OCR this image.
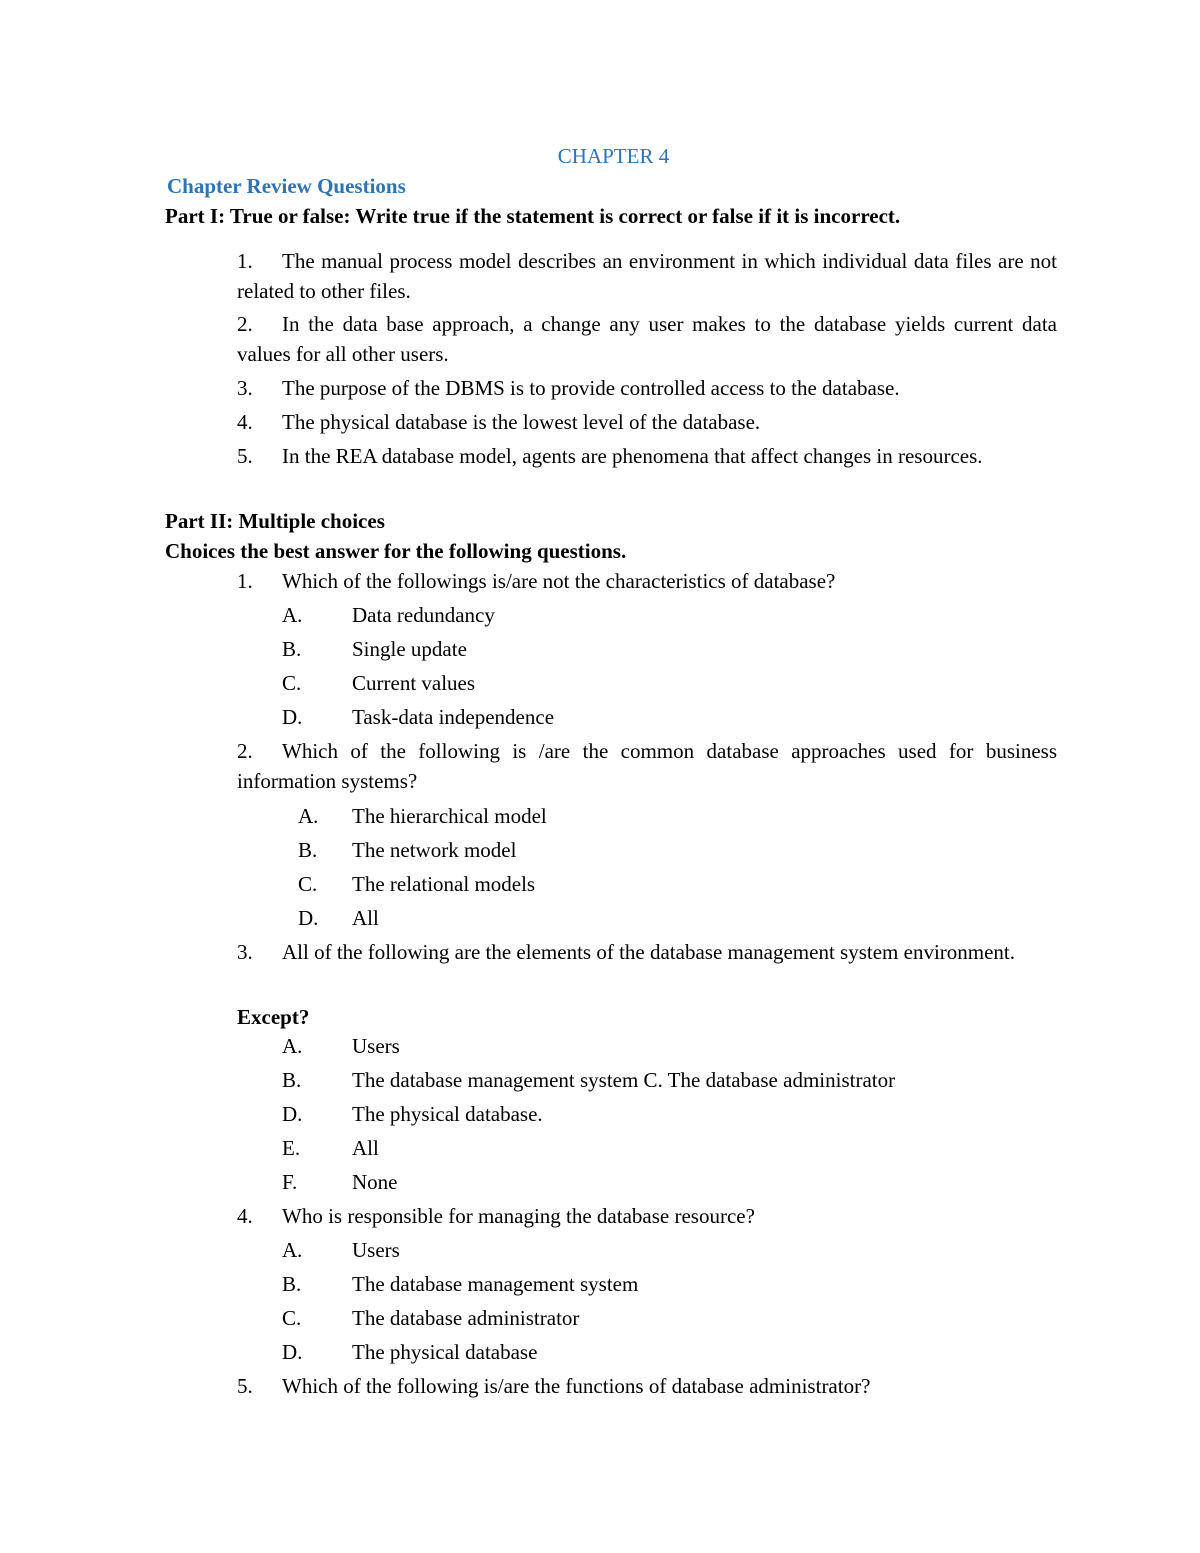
CHAPTER 4
Chapter Review Questions
Part I: True or false: Write true if the statement is correct or false if it is incorrect.
1. The manual process model describes an environment in which individual data files are not related to other files.
2. In the data base approach, a change any user makes to the database yields current data values for all other users.
3. The purpose of the DBMS is to provide controlled access to the database.
4. The physical database is the lowest level of the database.
5. In the REA database model, agents are phenomena that affect changes in resources.
Part II: Multiple choices
Choices the best answer for the following questions.
1. Which of the followings is/are not the characteristics of database?
A. Data redundancy
B. Single update
C. Current values
D. Task-data independence
2. Which of the following is /are the common database approaches used for business information systems?
A. The hierarchical model
B. The network model
C. The relational models
D. All
3. All of the following are the elements of the database management system environment.
Except?
A. Users
B. The database management system C. The database administrator
D. The physical database.
E. All
F.	None
4. Who is responsible for managing the database resource?
A. Users
B. The database management system
C. The database administrator
D. The physical database
5. Which of the following is/are the functions of database administrator?
